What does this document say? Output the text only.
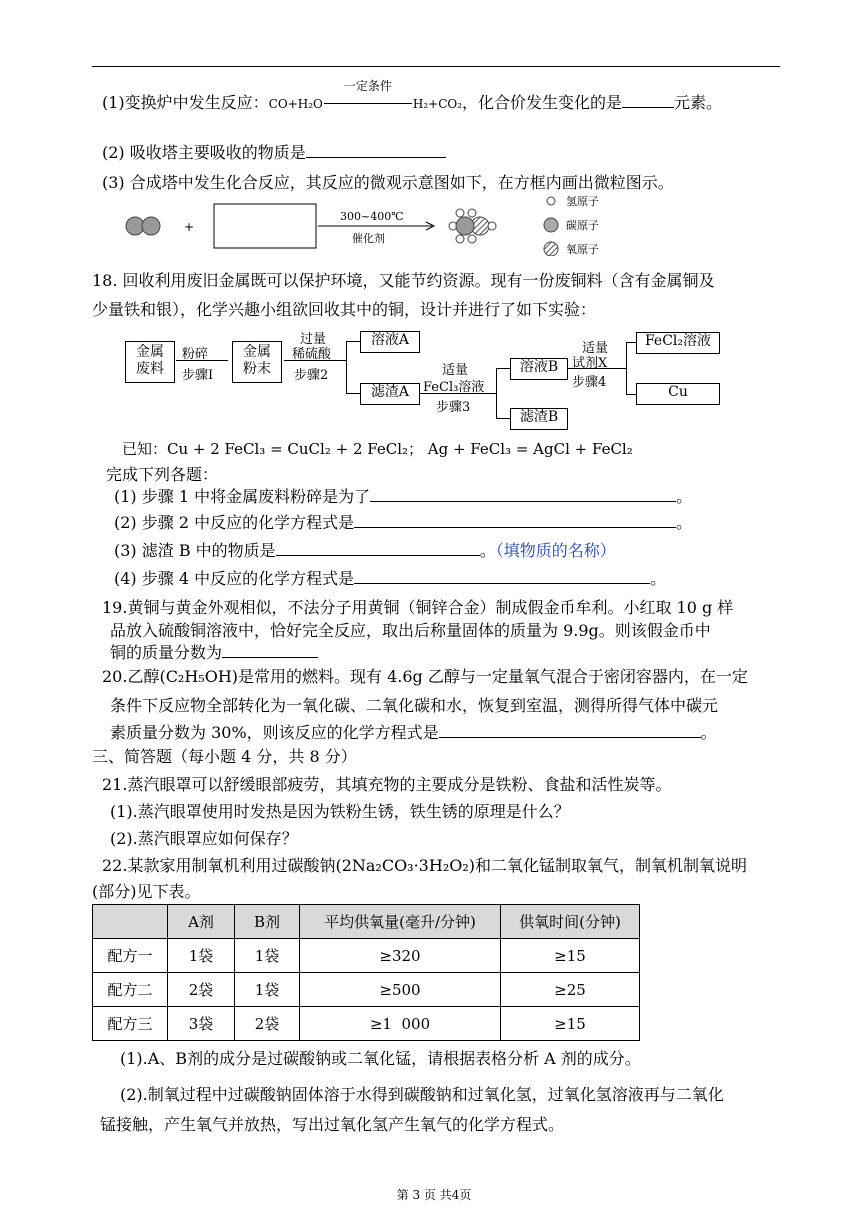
(1)变换炉中发生反应：CO+H₂O
一定条件
H₂+CO₂，化合价发生变化的是	元素。
(2) 吸收塔主要吸收的物质是
(3) 合成塔中发生化合反应，其反应的微观示意图如下，在方框内画出微粒图示。
+
300~400℃
催化剂
氢原子
碳原子
氧原子
18. 回收利用废旧金属既可以保护环境，又能节约资源。现有一份废铜料（含有金属铜及
少量铁和银），化学兴趣小组欲回收其中的铜，设计并进行了如下实验：
金属
废料
粉碎
步骤Ⅰ
金属
粉末
过量
稀硫酸
步骤2
溶液A
滤渣A
适量
FeCl₃溶液
步骤3
溶液B
滤渣B
适量
试剂X
步骤4
FeCl₂溶液
Cu
已知：Cu + 2 FeCl₃ = CuCl₂ + 2 FeCl₂； Ag + FeCl₃ = AgCl + FeCl₂
完成下列各题：
(1) 步骤 1 中将金属废料粉碎是为了	。
(2) 步骤 2 中反应的化学方程式是	。
(3) 滤渣 B 中的物质是	。（填物质的名称）
(4) 步骤 4 中反应的化学方程式是	。
19.黄铜与黄金外观相似，不法分子用黄铜（铜锌合金）制成假金币牟利。小红取 10 g 样
品放入硫酸铜溶液中，恰好完全反应，取出后称量固体的质量为 9.9g。则该假金币中
铜的质量分数为
20.乙醇(C₂H₅OH)是常用的燃料。现有 4.6g 乙醇与一定量氧气混合于密闭容器内，在一定
条件下反应物全部转化为一氧化碳、二氧化碳和水，恢复到室温，测得所得气体中碳元
素质量分数为 30%，则该反应的化学方程式是	。
三、简答题（每小题 4 分，共 8 分）
21.蒸汽眼罩可以舒缓眼部疲劳，其填充物的主要成分是铁粉、食盐和活性炭等。
(1).蒸汽眼罩使用时发热是因为铁粉生锈，铁生锈的原理是什么？
(2).蒸汽眼罩应如何保存？
22.某款家用制氧机利用过碳酸钠(2Na₂CO₃·3H₂O₂)和二氧化锰制取氧气，制氧机制氧说明
(部分)见下表。
	A剂	B剂	平均供氧量(毫升/分钟)	供氧时间(分钟)
配方一	1袋	1袋	≥320	≥15
配方二	2袋	1袋	≥500	≥25
配方三	3袋	2袋	≥1  000	≥15
(1).A、B剂的成分是过碳酸钠或二氧化锰，请根据表格分析 A 剂的成分。
(2).制氧过程中过碳酸钠固体溶于水得到碳酸钠和过氧化氢，过氧化氢溶液再与二氧化
锰接触，产生氧气并放热，写出过氧化氢产生氧气的化学方程式。
第 3 页 共4页
